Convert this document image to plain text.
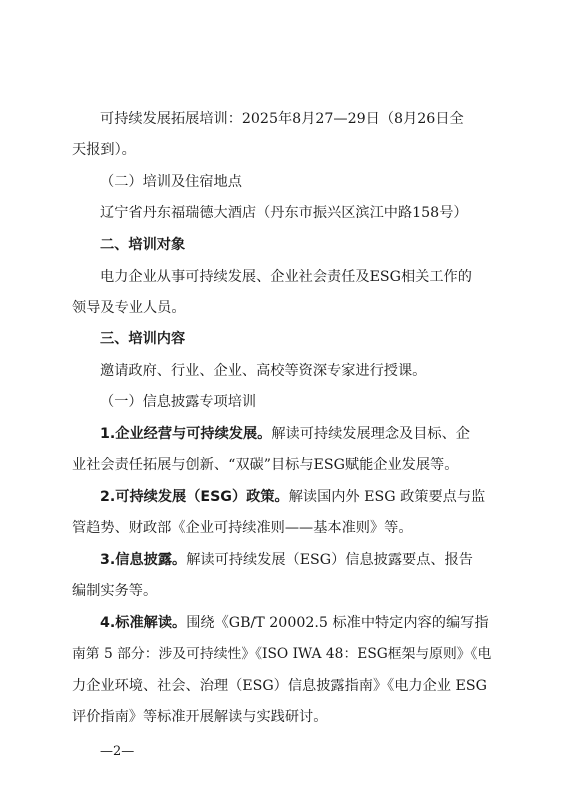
可持续发展拓展培训：2025年8月27—29日（8月26日全

天报到）。

（二）培训及住宿地点

辽宁省丹东福瑞德大酒店（丹东市振兴区滨江中路158号）

二、培训对象

电力企业从事可持续发展、企业社会责任及ESG相关工作的

领导及专业人员。

三、培训内容

邀请政府、行业、企业、高校等资深专家进行授课。

（一）信息披露专项培训

1.企业经营与可持续发展。解读可持续发展理念及目标、企

业社会责任拓展与创新、“双碳”目标与ESG赋能企业发展等。

2.可持续发展（ESG）政策。解读国内外 ESG 政策要点与监

管趋势、财政部《企业可持续准则——基本准则》等。

3.信息披露。解读可持续发展（ESG）信息披露要点、报告

编制实务等。

4.标准解读。围绕《GB/T 20002.5 标准中特定内容的编写指

南第 5 部分：涉及可持续性》《ISO IWA 48：ESG框架与原则》《电

力企业环境、社会、治理（ESG）信息披露指南》《电力企业 ESG

评价指南》等标准开展解读与实践研讨。

—2—
